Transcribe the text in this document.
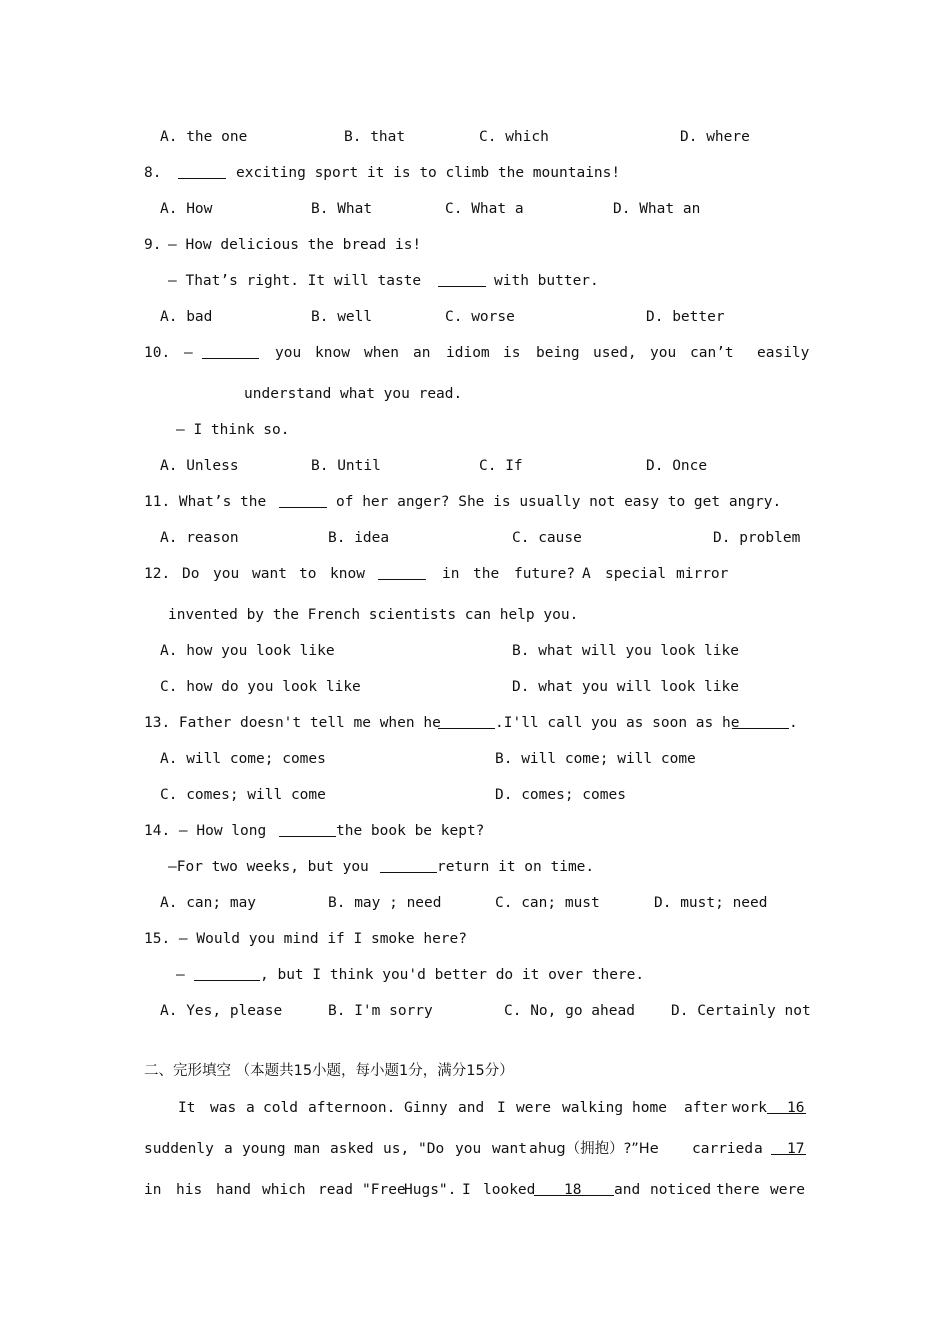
A. the one	B. that	C. which	D. where
8.	exciting sport it is to climb the mountains!
A. How	B. What	C. What a	D. What an
9. — How delicious the bread is!
— That’s right. It will taste	with butter.
A. bad	B. well	C. worse	D. better
10. —	you know when an idiom is being used, you can’t easily
understand what you read.
— I think so.
A. Unless	B. Until	C. If	D. Once
11. What’s the	of her anger? She is usually not easy to get angry.
A. reason	B. idea	C. cause	D. problem
12. Do you want to know	in the future? A special mirror
invented by the French scientists can help you.
A. how you look like	B. what will you look like
C. how do you look like	D. what you will look like
13. Father doesn't tell me when he	.I'll call you as soon as he	.
A. will come; comes	B. will come; will come
C. comes; will come	D. comes; comes
14. — How long	the book be kept?
—For two weeks, but you	return it on time.
A. can; may	B. may ; need	C. can; must	D. must; need
15. — Would you mind if I smoke here?
—	, but I think you'd better do it over there.
A. Yes, please	B. I'm sorry	C. No, go ahead D. Certainly not
二、完形填空 （本题共15小题，每小题1分，满分15分）
It was a cold afternoon. Ginny and I were walking home after work 16
suddenly a young man asked us, "Do you want a hug（拥抱）?”He carried a 17
in his hand which read "Free
Hugs". I looked 18 and noticed there were
